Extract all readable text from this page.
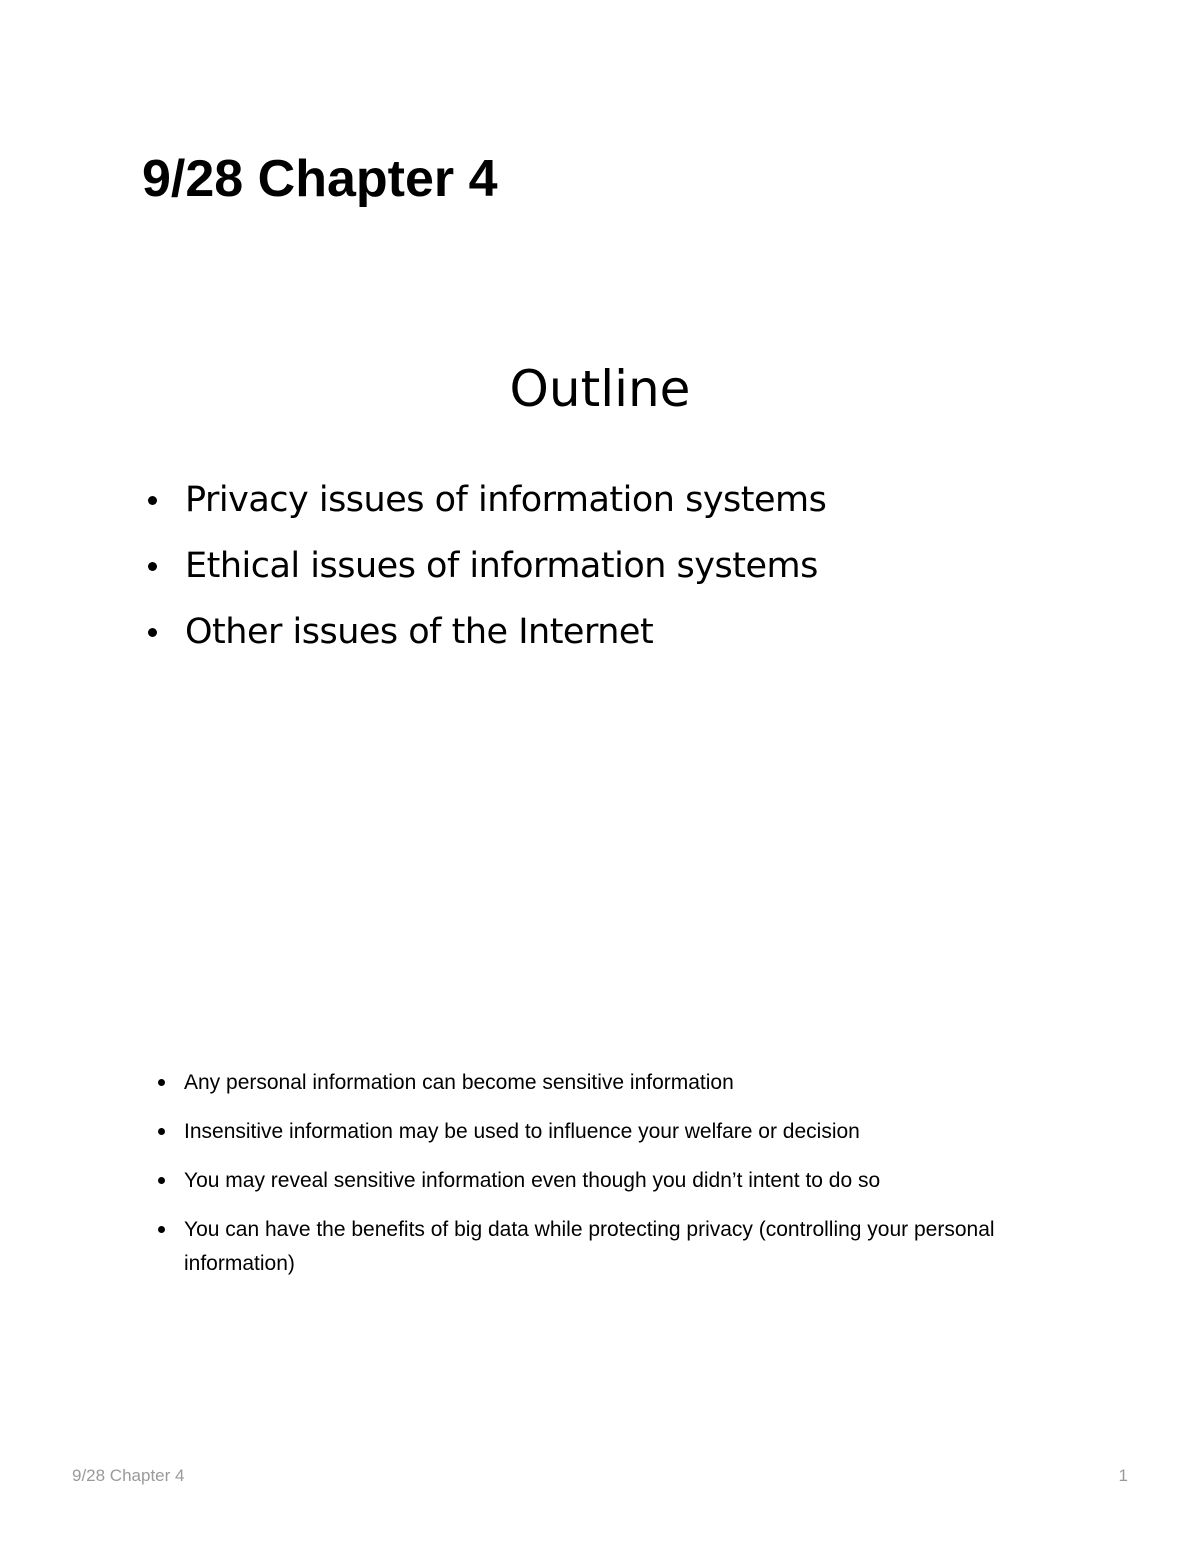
9/28 Chapter 4
Outline
Privacy issues of information systems
Ethical issues of information systems
Other issues of the Internet
Any personal information can become sensitive information
Insensitive information may be used to influence your welfare or decision
You may reveal sensitive information even though you didn’t intent to do so
You can have the benefits of big data while protecting privacy (controlling your personal information)
9/28 Chapter 4	1
